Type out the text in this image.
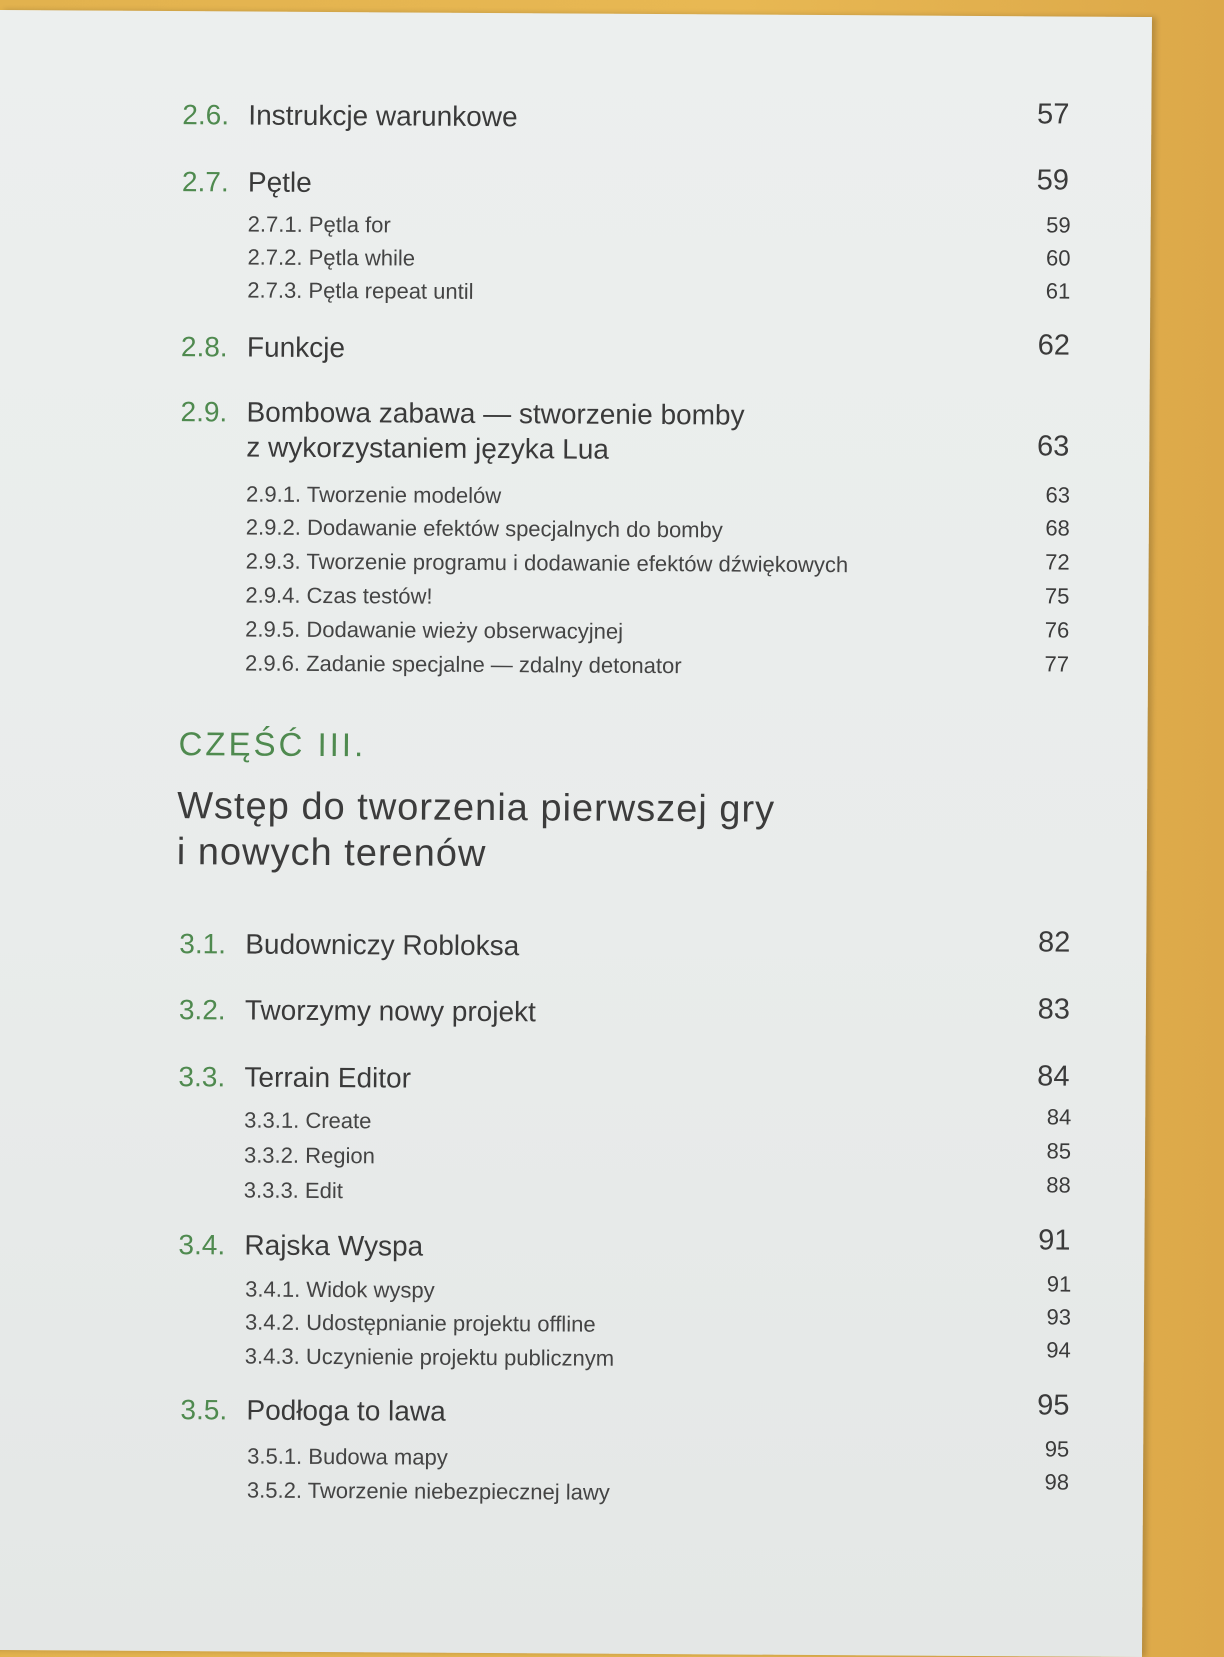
2.6. Instrukcje warunkowe	57
2.7. Pętle	59
2.7.1. Pętla for	59
2.7.2. Pętla while	60
2.7.3. Pętla repeat until	61
2.8. Funkcje	62
2.9. Bombowa zabawa — stworzenie bomby
z wykorzystaniem języka Lua	63
2.9.1. Tworzenie modelów	63
2.9.2. Dodawanie efektów specjalnych do bomby	68
2.9.3. Tworzenie programu i dodawanie efektów dźwiękowych	72
2.9.4. Czas testów!	75
2.9.5. Dodawanie wieży obserwacyjnej	76
2.9.6. Zadanie specjalne — zdalny detonator	77
CZĘŚĆ III.
Wstęp do tworzenia pierwszej gry
i nowych terenów
3.1. Budowniczy Robloksa	82
3.2. Tworzymy nowy projekt	83
3.3. Terrain Editor	84
3.3.1. Create	84
3.3.2. Region	85
3.3.3. Edit	88
3.4. Rajska Wyspa	91
3.4.1. Widok wyspy	91
3.4.2. Udostępnianie projektu offline	93
3.4.3. Uczynienie projektu publicznym	94
3.5. Podłoga to lawa	95
3.5.1. Budowa mapy	95
3.5.2. Tworzenie niebezpiecznej lawy	98
